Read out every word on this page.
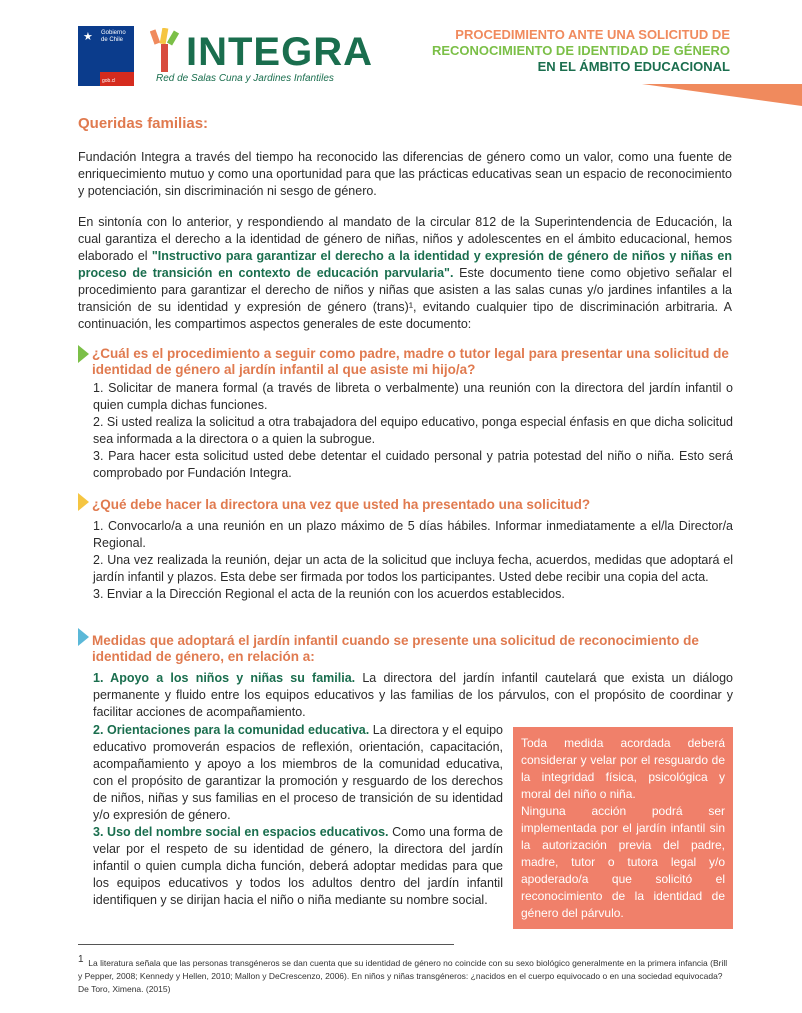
★ Gobierno de Chile
gob.cl
INTEGRA
Red de Salas Cuna y Jardines Infantiles
PROCEDIMIENTO ANTE UNA SOLICITUD DE
RECONOCIMIENTO DE IDENTIDAD DE GÉNERO
EN EL ÁMBITO EDUCACIONAL
Queridas familias:
Fundación Integra a través del tiempo ha reconocido las diferencias de género como un valor, como una fuente de enriquecimiento mutuo y como una oportunidad para que las prácticas educativas sean un espacio de reconocimiento y potenciación, sin discriminación ni sesgo de género.
En sintonía con lo anterior, y respondiendo al mandato de la circular 812 de la Superintendencia de Educación, la cual garantiza el derecho a la identidad de género de niñas, niños y adolescentes en el ámbito educacional, hemos elaborado el "Instructivo para garantizar el derecho a la identidad y expresión de género de niños y niñas en proceso de transición en contexto de educación parvularia". Este documento tiene como objetivo señalar el procedimiento para garantizar el derecho de niños y niñas que asisten a las salas cunas y/o jardines infantiles a la transición de su identidad y expresión de género (trans)¹, evitando cualquier tipo de discriminación arbitraria. A continuación, les compartimos aspectos generales de este documento:
¿Cuál es el procedimiento a seguir como padre, madre o tutor legal para presentar una solicitud de identidad de género al jardín infantil al que asiste mi hijo/a?

1. Solicitar de manera formal (a través de libreta o verbalmente) una reunión con la directora del jardín infantil o quien cumpla dichas funciones.

2. Si usted realiza la solicitud a otra trabajadora del equipo educativo, ponga especial énfasis en que dicha solicitud sea informada a la directora o a quien la subrogue.

3. Para hacer esta solicitud usted debe detentar el cuidado personal y patria potestad del niño o niña. Esto será comprobado por Fundación Integra.

¿Qué debe hacer la directora una vez que usted ha presentado una solicitud?

1. Convocarlo/a a una reunión en un plazo máximo de 5 días hábiles. Informar inmediatamente a el/la Director/a Regional.

2. Una vez realizada la reunión, dejar un acta de la solicitud que incluya fecha, acuerdos, medidas que adoptará el jardín infantil y plazos. Esta debe ser firmada por todos los participantes. Usted debe recibir una copia del acta.

3. Enviar a la Dirección Regional el acta de la reunión con los acuerdos establecidos.

Medidas que adoptará el jardín infantil cuando se presente una solicitud de reconocimiento de identidad de género, en relación a:
1. Apoyo a los niños y niñas su familia. La directora del jardín infantil cautelará que exista un diálogo permanente y fluido entre los equipos educativos y las familias de los párvulos, con el propósito de coordinar y facilitar acciones de acompañamiento.

2. Orientaciones para la comunidad educativa. La directora y el equipo educativo promoverán espacios de reflexión, orientación, capacitación, acompañamiento y apoyo a los miembros de la comunidad educativa, con el propósito de garantizar la promoción y resguardo de los derechos de niños, niñas y sus familias en el proceso de transición de su identidad y/o expresión de género.

3. Uso del nombre social en espacios educativos. Como una forma de velar por el respeto de su identidad de género, la directora del jardín infantil o quien cumpla dicha función, deberá adoptar medidas para que los equipos educativos y todos los adultos dentro del jardín infantil identifiquen y se dirijan hacia el niño o niña mediante su nombre social.

Toda medida acordada deberá considerar y velar por el resguardo de la integridad física, psicológica y moral del niño o niña.
Ninguna acción podrá ser implementada por el jardín infantil sin la autorización previa del padre, madre, tutor o tutora legal y/o apoderado/a que solicitó el reconocimiento de la identidad de género del párvulo.
$^1$ La literatura señala que las personas transgéneros se dan cuenta que su identidad de género no coincide con su sexo biológico generalmente en la primera infancia (Brill y Pepper, 2008; Kennedy y Hellen, 2010; Mallon y DeCrescenzo, 2006). En niños y niñas transgéneros: ¿nacidos en el cuerpo equivocado o en una sociedad equivocada? De Toro, Ximena. (2015)
